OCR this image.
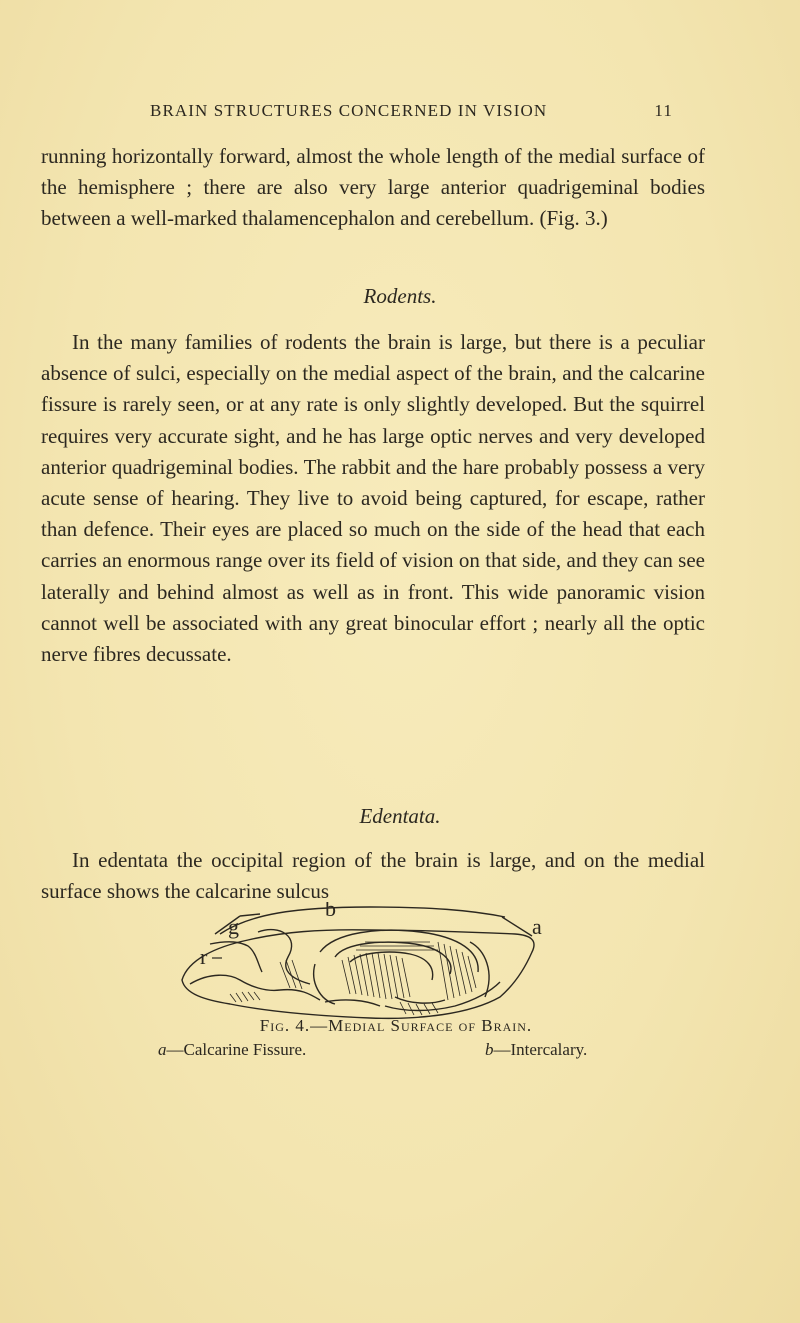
BRAIN STRUCTURES CONCERNED IN VISION	11

running horizontally forward, almost the whole length of the medial surface of the hemisphere ; there are also very large anterior quadrigeminal bodies between a well-marked thalamencephalon and cerebellum. (Fig. 3.)

Rodents.

In the many families of rodents the brain is large, but there is a peculiar absence of sulci, especially on the medial aspect of the brain, and the calcarine fissure is rarely seen, or at any rate is only slightly developed. But the squirrel requires very accurate sight, and he has large optic nerves and very developed anterior quadrigeminal bodies. The rabbit and the hare probably possess a very acute sense of hearing. They live to avoid being captured, for escape, rather than defence. Their eyes are placed so much on the side of the head that each carries an enormous range over its field of vision on that side, and they can see laterally and behind almost as well as in front. This wide panoramic vision cannot well be associated with any great binocular effort ; nearly all the optic nerve fibres decussate.

Edentata.

In edentata the occipital region of the brain is large, and on the medial surface shows the calcarine sulcus

b
g	a
r
Fig. 4.—Medial Surface of Brain.
a—Calcarine Fissure.	b—Intercalary.
